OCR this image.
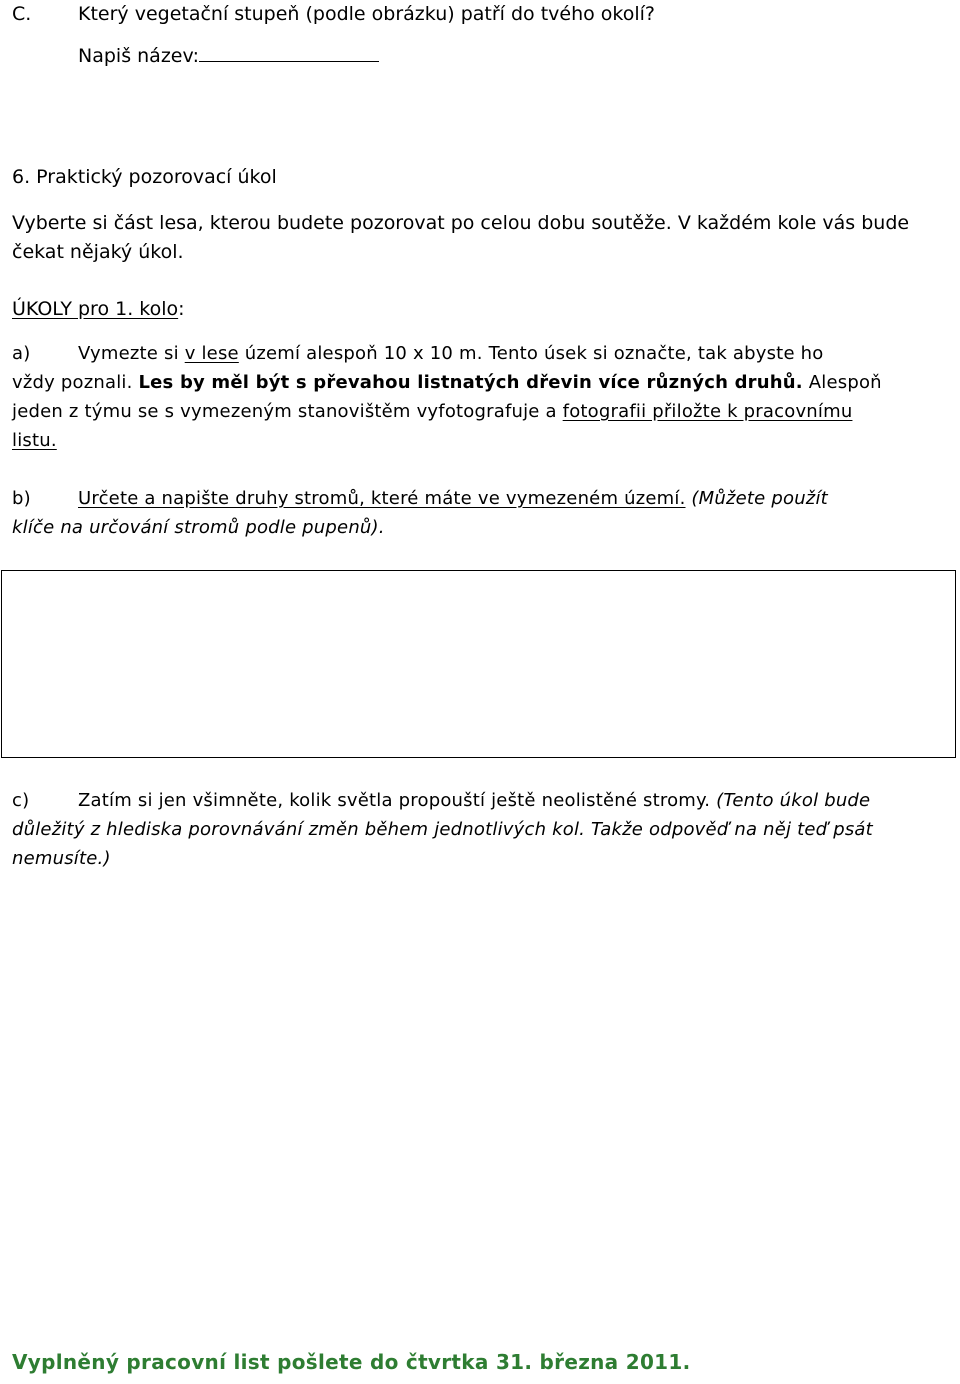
C. Který vegetační stupeň (podle obrázku) patří do tvého okolí?
Napiš název:
6. Praktický pozorovací úkol
Vyberte si část lesa, kterou budete pozorovat po celou dobu soutěže. V každém kole vás bude
čekat nějaký úkol.
ÚKOLY pro 1. kolo:
a)	Vymezte si v lese území alespoň 10 x 10 m. Tento úsek si označte, tak abyste ho
vždy poznali. Les by měl být s převahou listnatých dřevin více různých druhů. Alespoň
jeden z týmu se s vymezeným stanovištěm vyfotografuje a fotografii přiložte k pracovnímu
listu.
b)	Určete a napište druhy stromů, které máte ve vymezeném území. (Můžete použít
klíče na určování stromů podle pupenů).
c)	Zatím si jen všimněte, kolik světla propouští ještě neolistěné stromy. (Tento úkol bude
důležitý z hlediska porovnávání změn během jednotlivých kol. Takže odpověď na něj teď psát
nemusíte.)
Vyplněný pracovní list pošlete do čtvrtka 31. března 2011.
